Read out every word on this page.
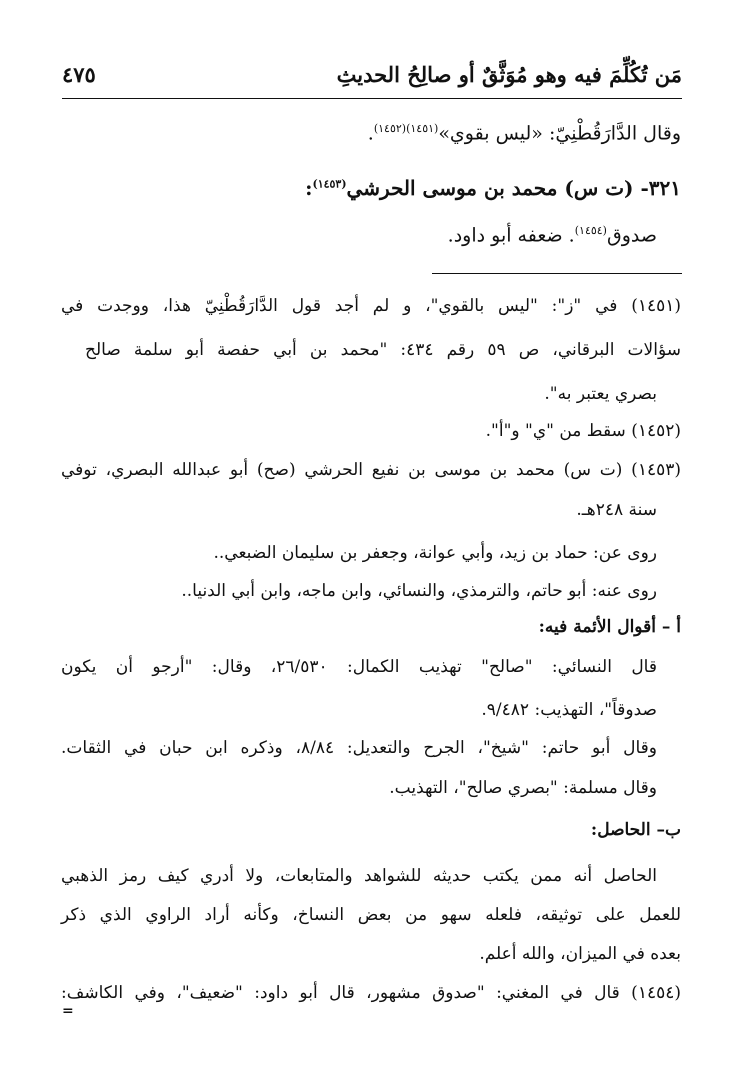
مَن تُكُلِّمَ فيه وهو مُوَثَّقٌ أو صالِحُ الحديثِ
٤٧٥
وقال الدَّارَقُطْنِيّ: «ليس بقوي»$^{(١٤٥١)(١٤٥٢)}$.
٣٢١- (ت س) محمد بن موسى الحرشي$^{(١٤٥٣)}$:
صدوق$^{(١٤٥٤)}$. ضعفه أبو داود.
(١٤٥١) في "ز": "ليس بالقوي"، و لم أجد قول الدَّارَقُطْنِيّ هذا، ووجدت في
سؤالات البرقاني، ص ٥٩ رقم ٤٣٤: "محمد بن أبي حفصة أبو سلمة صالح
بصري يعتبر به".
(١٤٥٢) سقط من "ي" و"أ".
(١٤٥٣) (ت س) محمد بن موسى بن نفيع الحرشي (صح) أبو عبدالله البصري، توفي
سنة ٢٤٨هـ.
روى عن: حماد بن زيد، وأبي عوانة، وجعفر بن سليمان الضبعي..
روى عنه: أبو حاتم، والترمذي، والنسائي، وابن ماجه، وابن أبي الدنيا..
أ – أقوال الأئمة فيه:
قال النسائي: "صالح" تهذيب الكمال: ٢٦/٥٣٠، وقال: "أرجو أن يكون
صدوقاً"، التهذيب: ٩/٤٨٢.
وقال أبو حاتم: "شيخ"، الجرح والتعديل: ٨/٨٤، وذكره ابن حبان في الثقات.
وقال مسلمة: "بصري صالح"، التهذيب.
ب– الحاصل:
الحاصل أنه ممن يكتب حديثه للشواهد والمتابعات، ولا أدري كيف رمز الذهبي
للعمل على توثيقه، فلعله سهو من بعض النساخ، وكأنه أراد الراوي الذي ذكر
بعده في الميزان، والله أعلم.
(١٤٥٤) قال في المغني: "صدوق مشهور، قال أبو داود: "ضعيف"، وفي الكاشف:
=
